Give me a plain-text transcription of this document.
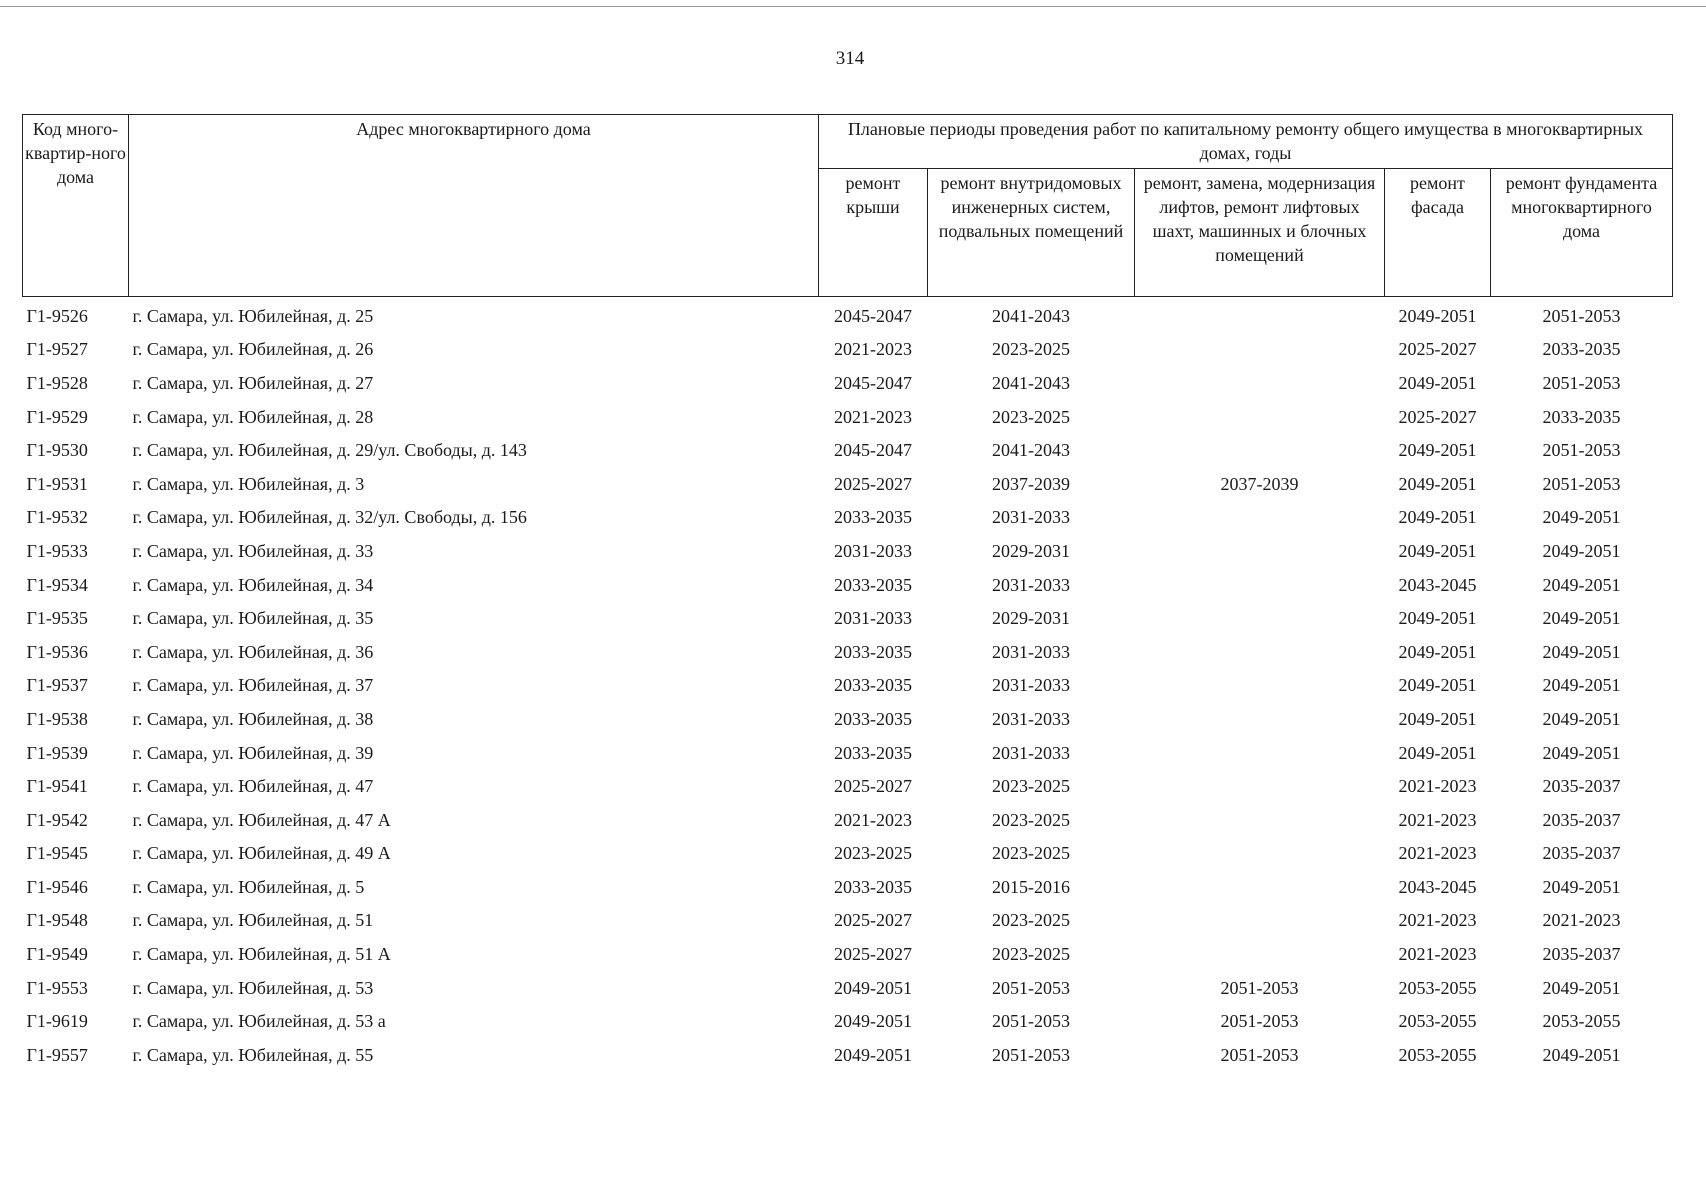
314
Код много-квартир-ного дома	Адрес многоквартирного дома	Плановые периоды проведения работ по капитальному ремонту общего имущества в многоквартирных домах, годы				
		ремонт крыши	ремонт внутридомовых инженерных систем, подвальных помещений	ремонт, замена, модернизация лифтов, ремонт лифтовых шахт, машинных и блочных помещений	ремонт фасада	ремонт фундамента многоквартирного дома
Г1-9526	г. Самара, ул. Юбилейная, д. 25	2045-2047	2041-2043		2049-2051	2051-2053
Г1-9527	г. Самара, ул. Юбилейная, д. 26	2021-2023	2023-2025		2025-2027	2033-2035
Г1-9528	г. Самара, ул. Юбилейная, д. 27	2045-2047	2041-2043		2049-2051	2051-2053
Г1-9529	г. Самара, ул. Юбилейная, д. 28	2021-2023	2023-2025		2025-2027	2033-2035
Г1-9530	г. Самара, ул. Юбилейная, д. 29/ул. Свободы, д. 143	2045-2047	2041-2043		2049-2051	2051-2053
Г1-9531	г. Самара, ул. Юбилейная, д. 3	2025-2027	2037-2039	2037-2039	2049-2051	2051-2053
Г1-9532	г. Самара, ул. Юбилейная, д. 32/ул. Свободы, д. 156	2033-2035	2031-2033		2049-2051	2049-2051
Г1-9533	г. Самара, ул. Юбилейная, д. 33	2031-2033	2029-2031		2049-2051	2049-2051
Г1-9534	г. Самара, ул. Юбилейная, д. 34	2033-2035	2031-2033		2043-2045	2049-2051
Г1-9535	г. Самара, ул. Юбилейная, д. 35	2031-2033	2029-2031		2049-2051	2049-2051
Г1-9536	г. Самара, ул. Юбилейная, д. 36	2033-2035	2031-2033		2049-2051	2049-2051
Г1-9537	г. Самара, ул. Юбилейная, д. 37	2033-2035	2031-2033		2049-2051	2049-2051
Г1-9538	г. Самара, ул. Юбилейная, д. 38	2033-2035	2031-2033		2049-2051	2049-2051
Г1-9539	г. Самара, ул. Юбилейная, д. 39	2033-2035	2031-2033		2049-2051	2049-2051
Г1-9541	г. Самара, ул. Юбилейная, д. 47	2025-2027	2023-2025		2021-2023	2035-2037
Г1-9542	г. Самара, ул. Юбилейная, д. 47 А	2021-2023	2023-2025		2021-2023	2035-2037
Г1-9545	г. Самара, ул. Юбилейная, д. 49 А	2023-2025	2023-2025		2021-2023	2035-2037
Г1-9546	г. Самара, ул. Юбилейная, д. 5	2033-2035	2015-2016		2043-2045	2049-2051
Г1-9548	г. Самара, ул. Юбилейная, д. 51	2025-2027	2023-2025		2021-2023	2021-2023
Г1-9549	г. Самара, ул. Юбилейная, д. 51 А	2025-2027	2023-2025		2021-2023	2035-2037
Г1-9553	г. Самара, ул. Юбилейная, д. 53	2049-2051	2051-2053	2051-2053	2053-2055	2049-2051
Г1-9619	г. Самара, ул. Юбилейная, д. 53 а	2049-2051	2051-2053	2051-2053	2053-2055	2053-2055
Г1-9557	г. Самара, ул. Юбилейная, д. 55	2049-2051	2051-2053	2051-2053	2053-2055	2049-2051
